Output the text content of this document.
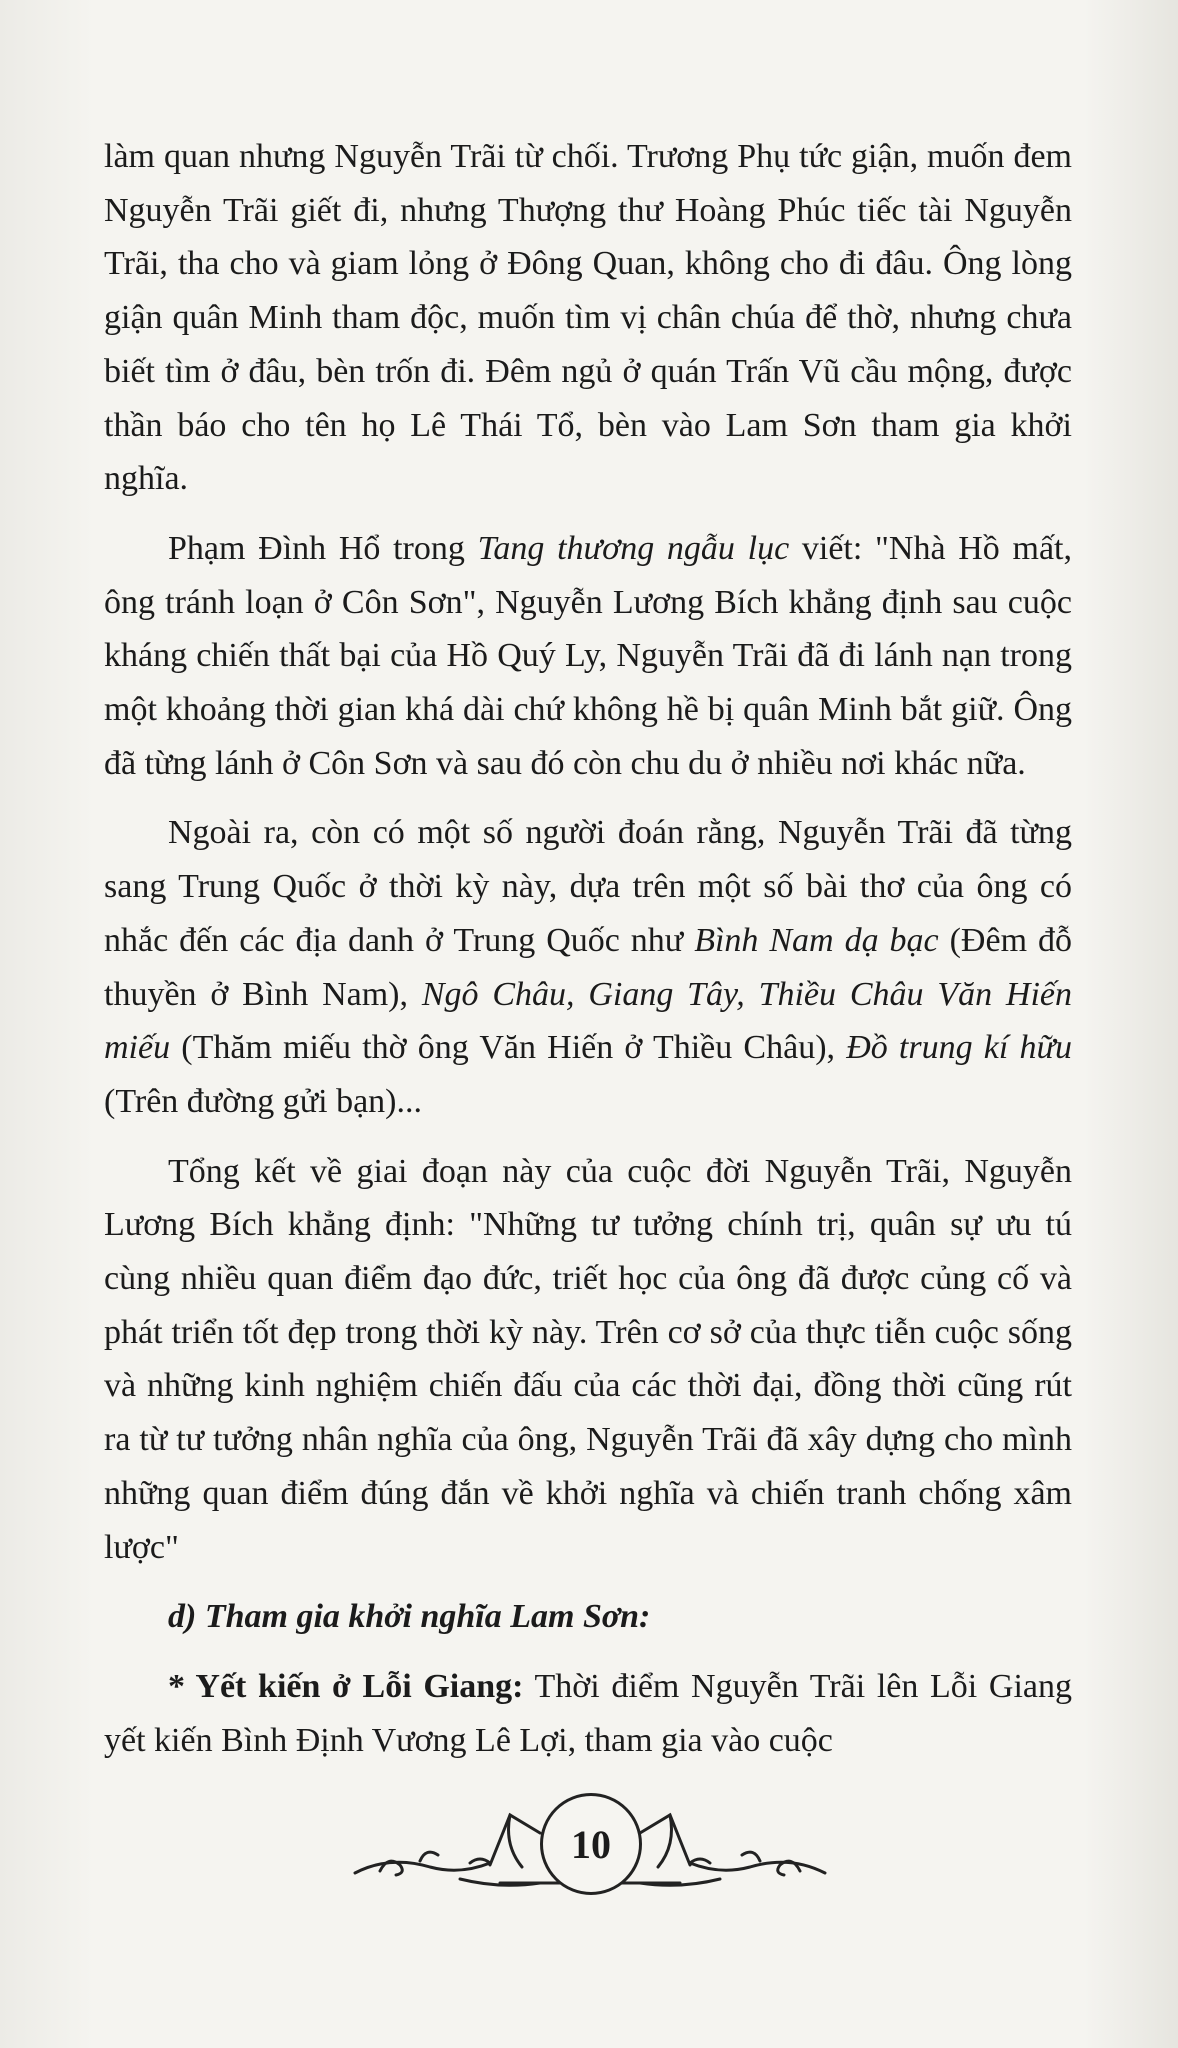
làm quan nhưng Nguyễn Trãi từ chối. Trương Phụ tức giận, muốn đem Nguyễn Trãi giết đi, nhưng Thượng thư Hoàng Phúc tiếc tài Nguyễn Trãi, tha cho và giam lỏng ở Đông Quan, không cho đi đâu. Ông lòng giận quân Minh tham độc, muốn tìm vị chân chúa để thờ, nhưng chưa biết tìm ở đâu, bèn trốn đi. Đêm ngủ ở quán Trấn Vũ cầu mộng, được thần báo cho tên họ Lê Thái Tổ, bèn vào Lam Sơn tham gia khởi nghĩa.

Phạm Đình Hổ trong Tang thương ngẫu lục viết: "Nhà Hồ mất, ông tránh loạn ở Côn Sơn", Nguyễn Lương Bích khẳng định sau cuộc kháng chiến thất bại của Hồ Quý Ly, Nguyễn Trãi đã đi lánh nạn trong một khoảng thời gian khá dài chứ không hề bị quân Minh bắt giữ. Ông đã từng lánh ở Côn Sơn và sau đó còn chu du ở nhiều nơi khác nữa.

Ngoài ra, còn có một số người đoán rằng, Nguyễn Trãi đã từng sang Trung Quốc ở thời kỳ này, dựa trên một số bài thơ của ông có nhắc đến các địa danh ở Trung Quốc như Bình Nam dạ bạc (Đêm đỗ thuyền ở Bình Nam), Ngô Châu, Giang Tây, Thiều Châu Văn Hiến miếu (Thăm miếu thờ ông Văn Hiến ở Thiều Châu), Đồ trung kí hữu (Trên đường gửi bạn)...

Tổng kết về giai đoạn này của cuộc đời Nguyễn Trãi, Nguyễn Lương Bích khẳng định: "Những tư tưởng chính trị, quân sự ưu tú cùng nhiều quan điểm đạo đức, triết học của ông đã được củng cố và phát triển tốt đẹp trong thời kỳ này. Trên cơ sở của thực tiễn cuộc sống và những kinh nghiệm chiến đấu của các thời đại, đồng thời cũng rút ra từ tư tưởng nhân nghĩa của ông, Nguyễn Trãi đã xây dựng cho mình những quan điểm đúng đắn về khởi nghĩa và chiến tranh chống xâm lược"

d) Tham gia khởi nghĩa Lam Sơn:

* Yết kiến ở Lỗi Giang: Thời điểm Nguyễn Trãi lên Lỗi Giang yết kiến Bình Định Vương Lê Lợi, tham gia vào cuộc

10
